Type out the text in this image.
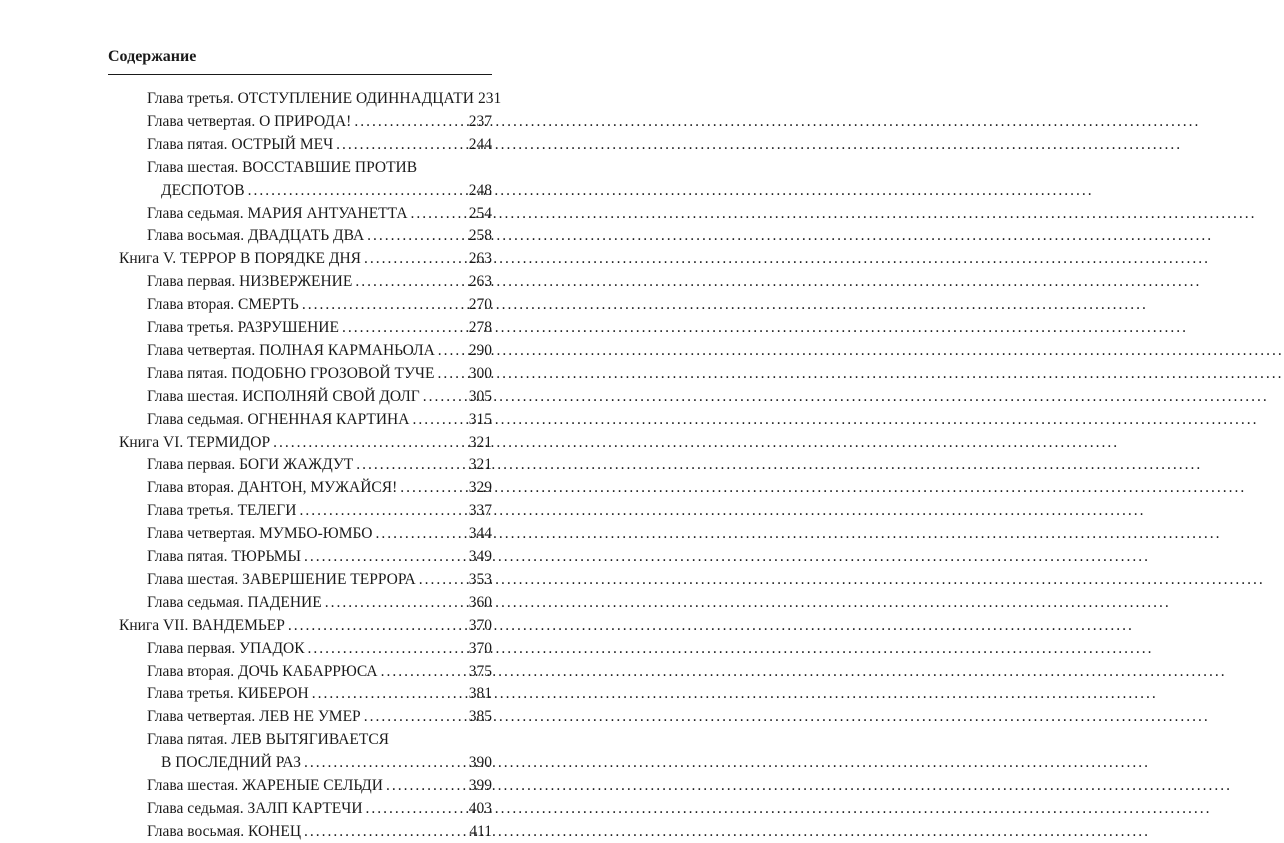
Содержание
Глава третья. ОТСТУПЛЕНИЕ ОДИННАДЦАТИ 231
Глава четвертая. О ПРИРОДА! .....	237
Глава пятая. ОСТРЫЙ МЕЧ .....	244
Глава шестая. ВОССТАВШИЕ ПРОТИВ
ДЕСПОТОВ .....	248
Глава седьмая. МАРИЯ АНТУАНЕТТА .....	254
Глава восьмая. ДВАДЦАТЬ ДВА .....	258
Книга V. ТЕРРОР В ПОРЯДКЕ ДНЯ .....	263
Глава первая. НИЗВЕРЖЕНИЕ .....	263
Глава вторая. СМЕРТЬ .....	270
Глава третья. РАЗРУШЕНИЕ .....	278
Глава четвертая. ПОЛНАЯ КАРМАНЬОЛА ..... 290
Глава пятая. ПОДОБНО ГРОЗОВОЙ ТУЧЕ ..... 300
Глава шестая. ИСПОЛНЯЙ СВОЙ ДОЛГ .....	305
Глава седьмая. ОГНЕННАЯ КАРТИНА .....	315
Книга VI. ТЕРМИДОР .....	321
Глава первая. БОГИ ЖАЖДУТ .....	321
Глава вторая. ДАНТОН, МУЖАЙСЯ! .....	329
Глава третья. ТЕЛЕГИ .....	337
Глава четвертая. МУМБО-ЮМБО .....	344
Глава пятая. ТЮРЬМЫ .....	349
Глава шестая. ЗАВЕРШЕНИЕ ТЕРРОРА .....	353
Глава седьмая. ПАДЕНИЕ .....	360
Книга VII. ВАНДЕМЬЕР .....	370
Глава первая. УПАДОК .....	370
Глава вторая. ДОЧЬ КАБАРРЮСА .....	375
Глава третья. КИБЕРОН .....	381
Глава четвертая. ЛЕВ НЕ УМЕР .....	385
Глава пятая. ЛЕВ ВЫТЯГИВАЕТСЯ
В ПОСЛЕДНИЙ РАЗ .....	390
Глава шестая. ЖАРЕНЫЕ СЕЛЬДИ .....	399
Глава седьмая. ЗАЛП КАРТЕЧИ .....	403
Глава восьмая. КОНЕЦ .....	411
